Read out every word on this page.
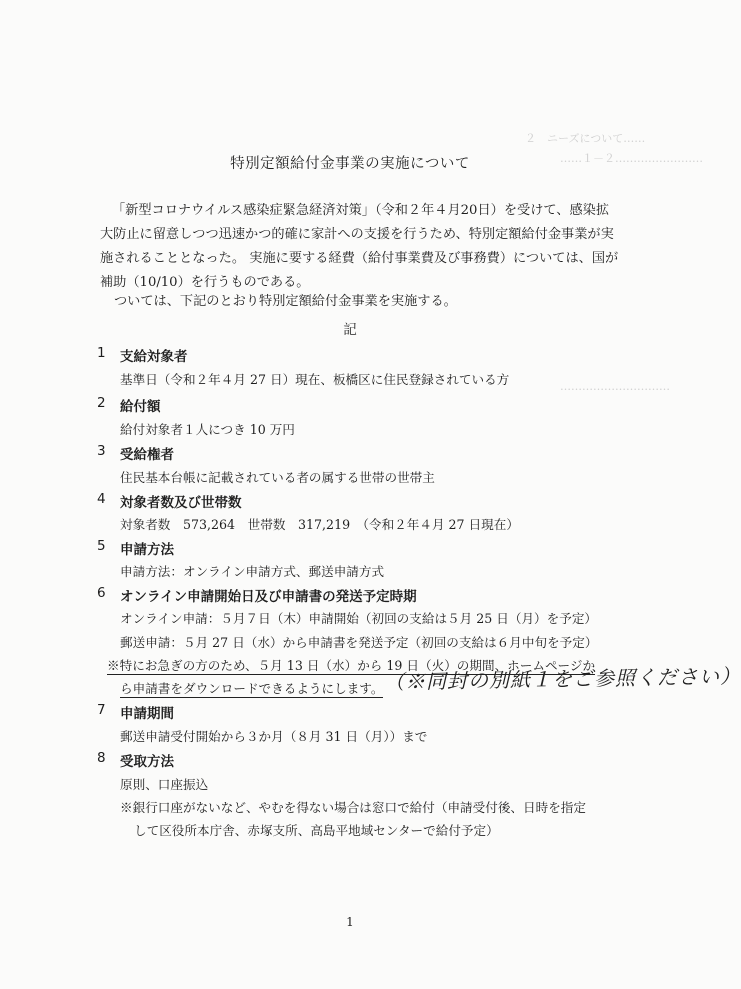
２　ニーズについて……
……１－２……………………
…………………………
特別定額給付金事業の実施について

「新型コロナウイルス感染症緊急経済対策」（令和２年４月20日）を受けて、感染拡大防止に留意しつつ迅速かつ的確に家計への支援を行うため、特別定額給付金事業が実施されることとなった。 実施に要する経費（給付事業費及び事務費）については、国が補助（10/10）を行うものである。

ついては、下記のとおり特別定額給付金事業を実施する。

記
1 支給対象者
基準日（令和２年４月 27 日）現在、板橋区に住民登録されている方
2 給付額
給付対象者１人につき 10 万円
3 受給権者
住民基本台帳に記載されている者の属する世帯の世帯主
4 対象者数及び世帯数
対象者数　573,264　世帯数　317,219　（令和２年４月 27 日現在）
5 申請方法
申請方法：オンライン申請方式、郵送申請方式
6 オンライン申請開始日及び申請書の発送予定時期
オンライン申請：５月７日（木）申請開始（初回の支給は５月 25 日（月）を予定）
郵送申請：５月 27 日（水）から申請書を発送予定（初回の支給は６月中旬を予定）
※特にお急ぎの方のため、５月 13 日（水）から 19 日（火）の期間、ホームページか
ら申請書をダウンロードできるようにします。 （※同封の別紙１をご参照ください）
7 申請期間
郵送申請受付開始から３か月（８月 31 日（月））まで
8 受取方法
原則、口座振込
※銀行口座がないなど、やむを得ない場合は窓口で給付（申請受付後、日時を指定
して区役所本庁舎、赤塚支所、高島平地域センターで給付予定）
1
